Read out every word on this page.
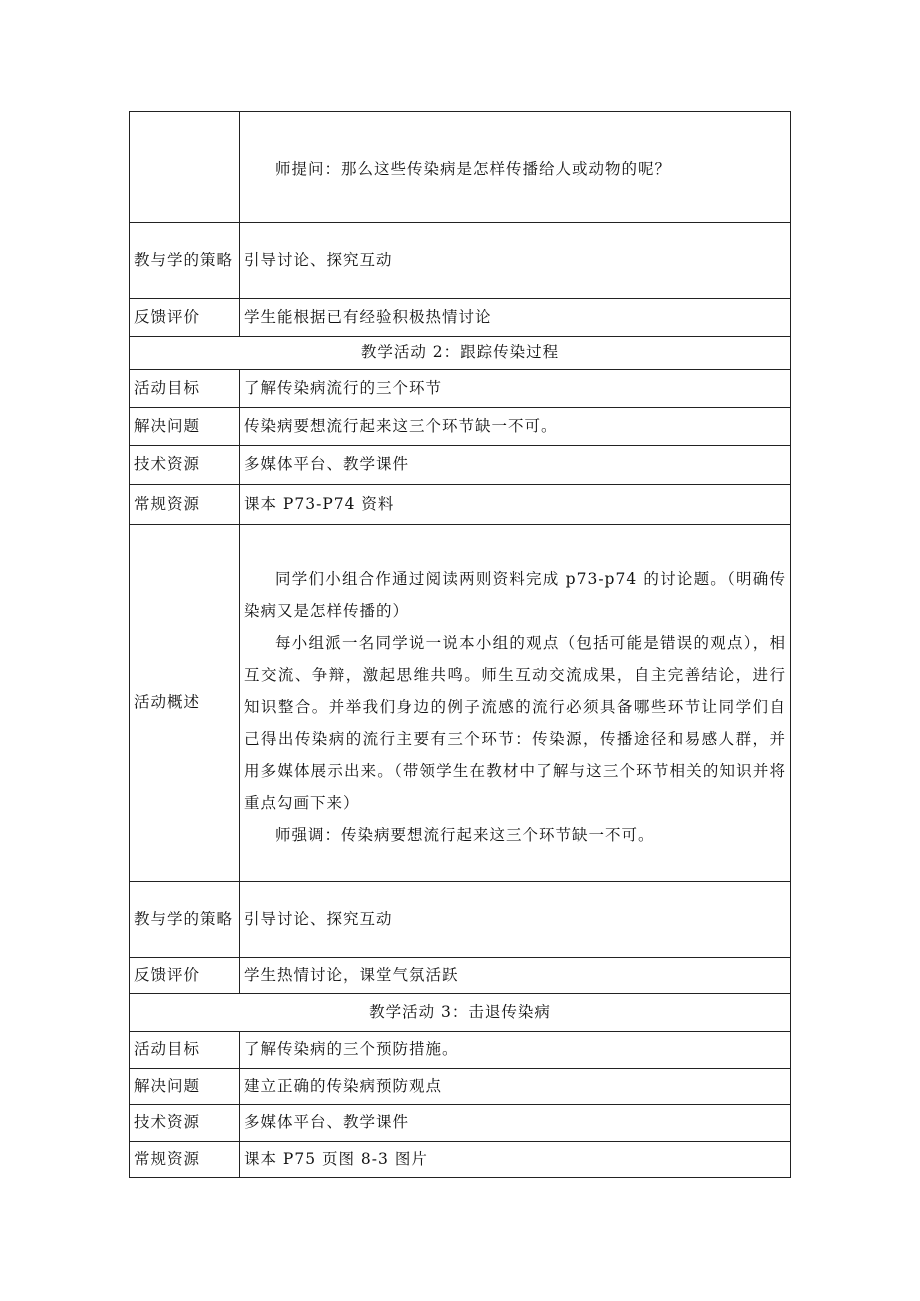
	师提问：那么这些传染病是怎样传播给人或动物的呢？

教与学的策略	引导讨论、探究互动
反馈评价	学生能根据已有经验积极热情讨论
教学活动 2：跟踪传染过程	
活动目标	了解传染病流行的三个环节
解决问题	传染病要想流行起来这三个环节缺一不可。
技术资源	多媒体平台、教学课件
常规资源	课本 P73-P74 资料
活动概述	同学们小组合作通过阅读两则资料完成 p73-p74 的讨论题。（明确传染病又是怎样传播的）

每小组派一名同学说一说本小组的观点（包括可能是错误的观点），相互交流、争辩，激起思维共鸣。师生互动交流成果，自主完善结论，进行知识整合。并举我们身边的例子流感的流行必须具备哪些环节让同学们自己得出传染病的流行主要有三个环节：传染源，传播途径和易感人群，并用多媒体展示出来。（带领学生在教材中了解与这三个环节相关的知识并将重点勾画下来）

师强调：传染病要想流行起来这三个环节缺一不可。

教与学的策略	引导讨论、探究互动
反馈评价	学生热情讨论，课堂气氛活跃
教学活动 3：击退传染病	
活动目标	了解传染病的三个预防措施。
解决问题	建立正确的传染病预防观点
技术资源	多媒体平台、教学课件
常规资源	课本 P75 页图 8-3 图片
